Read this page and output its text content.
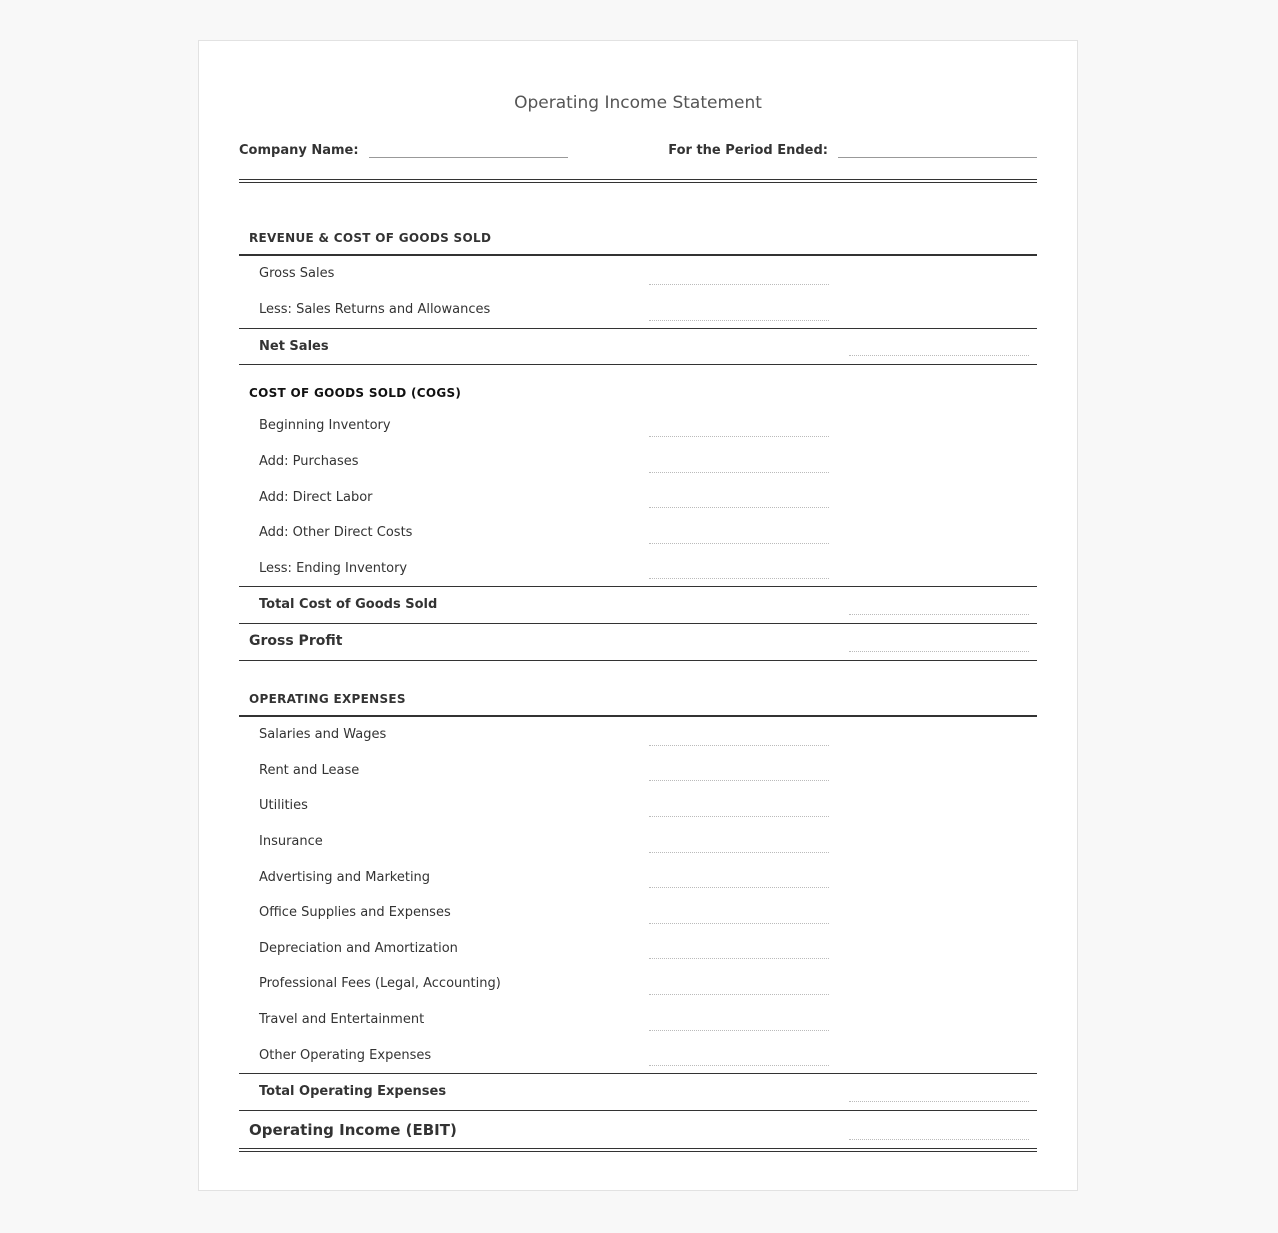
Operating Income Statement
Company Name:	For the Period Ended:
REVENUE & COST OF GOODS SOLD
Gross Sales
Less: Sales Returns and Allowances
Net Sales
COST OF GOODS SOLD (COGS)
Beginning Inventory
Add: Purchases
Add: Direct Labor
Add: Other Direct Costs
Less: Ending Inventory
Total Cost of Goods Sold
Gross Profit
OPERATING EXPENSES
Salaries and Wages
Rent and Lease
Utilities
Insurance
Advertising and Marketing
Office Supplies and Expenses
Depreciation and Amortization
Professional Fees (Legal, Accounting)
Travel and Entertainment
Other Operating Expenses
Total Operating Expenses
Operating Income (EBIT)
